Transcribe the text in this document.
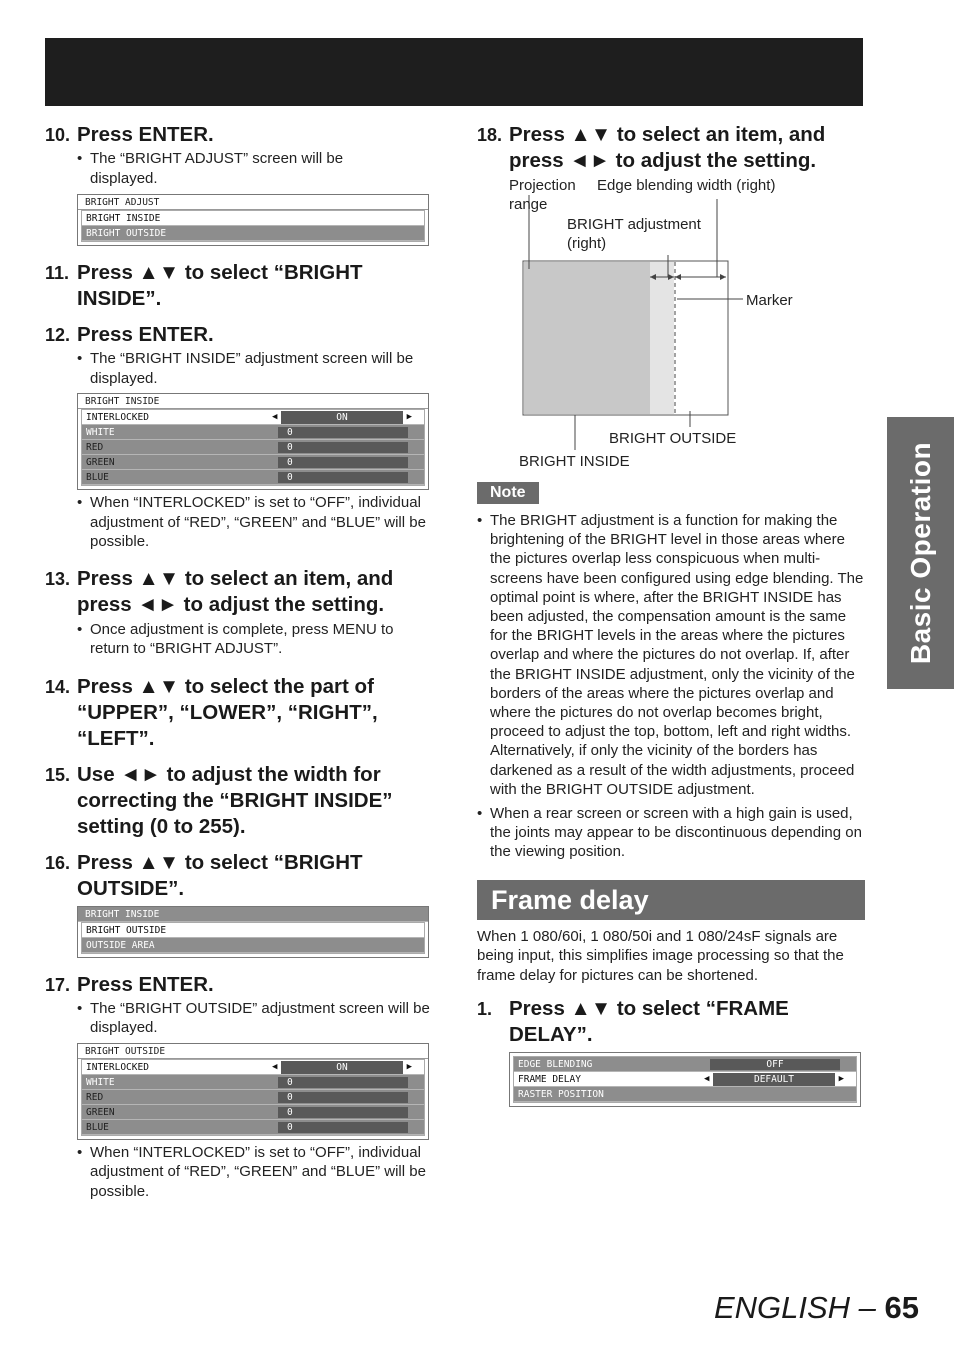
10. Press ENTER.
• The “BRIGHT ADJUST” screen will be displayed.
BRIGHT ADJUST
BRIGHT INSIDE
BRIGHT OUTSIDE
11. Press ▲▼ to select “BRIGHT INSIDE”.
12. Press ENTER.
• The “BRIGHT INSIDE” adjustment screen will be displayed.
BRIGHT INSIDE
INTERLOCKED	◀	ON	▶
WHITE	0
RED	0
GREEN	0
BLUE	0
• When “INTERLOCKED” is set to “OFF”, individual adjustment of “RED”, “GREEN” and “BLUE” will be possible.
13. Press ▲▼ to select an item, and press ◄► to adjust the setting.
• Once adjustment is complete, press MENU to return to “BRIGHT ADJUST”.
14. Press ▲▼ to select the part of “UPPER”, “LOWER”, “RIGHT”, “LEFT”.
15. Use ◄► to adjust the width for correcting the “BRIGHT INSIDE” setting (0 to 255).
16. Press ▲▼ to select “BRIGHT OUTSIDE”.
BRIGHT INSIDE
BRIGHT OUTSIDE
OUTSIDE AREA
17. Press ENTER.
• The “BRIGHT OUTSIDE” adjustment screen will be displayed.
BRIGHT OUTSIDE
INTERLOCKED	◀	ON	▶
WHITE	0
RED	0
GREEN	0
BLUE	0
• When “INTERLOCKED” is set to “OFF”, individual adjustment of “RED”, “GREEN” and “BLUE” will be possible.
18. Press ▲▼ to select an item, and press ◄► to adjust the setting.
Projection
range
Edge blending width (right)
BRIGHT adjustment
(right)
Marker
BRIGHT OUTSIDE
BRIGHT INSIDE
Note
• The BRIGHT adjustment is a function for making the brightening of the BRIGHT level in those areas where the pictures overlap less conspicuous when multi-screens have been configured using edge blending. The optimal point is where, after the BRIGHT INSIDE has been adjusted, the compensation amount is the same for the BRIGHT levels in the areas where the pictures overlap and where the pictures do not overlap. If, after the BRIGHT INSIDE adjustment, only the vicinity of the borders of the areas where the pictures overlap and where the pictures do not overlap becomes bright, proceed to adjust the top, bottom, left and right widths. Alternatively, if only the vicinity of the borders has darkened as a result of the width adjustments, proceed with the BRIGHT OUTSIDE adjustment.
• When a rear screen or screen with a high gain is used, the joints may appear to be discontinuous depending on the viewing position.
Frame delay
When 1 080/60i, 1 080/50i and 1 080/24sF signals are being input, this simplifies image processing so that the frame delay for pictures can be shortened.
1. Press ▲▼ to select “FRAME DELAY”.
EDGE BLENDING	OFF
FRAME DELAY	◀	DEFAULT	▶
RASTER POSITION
Basic Operation
ENGLISH – 65
